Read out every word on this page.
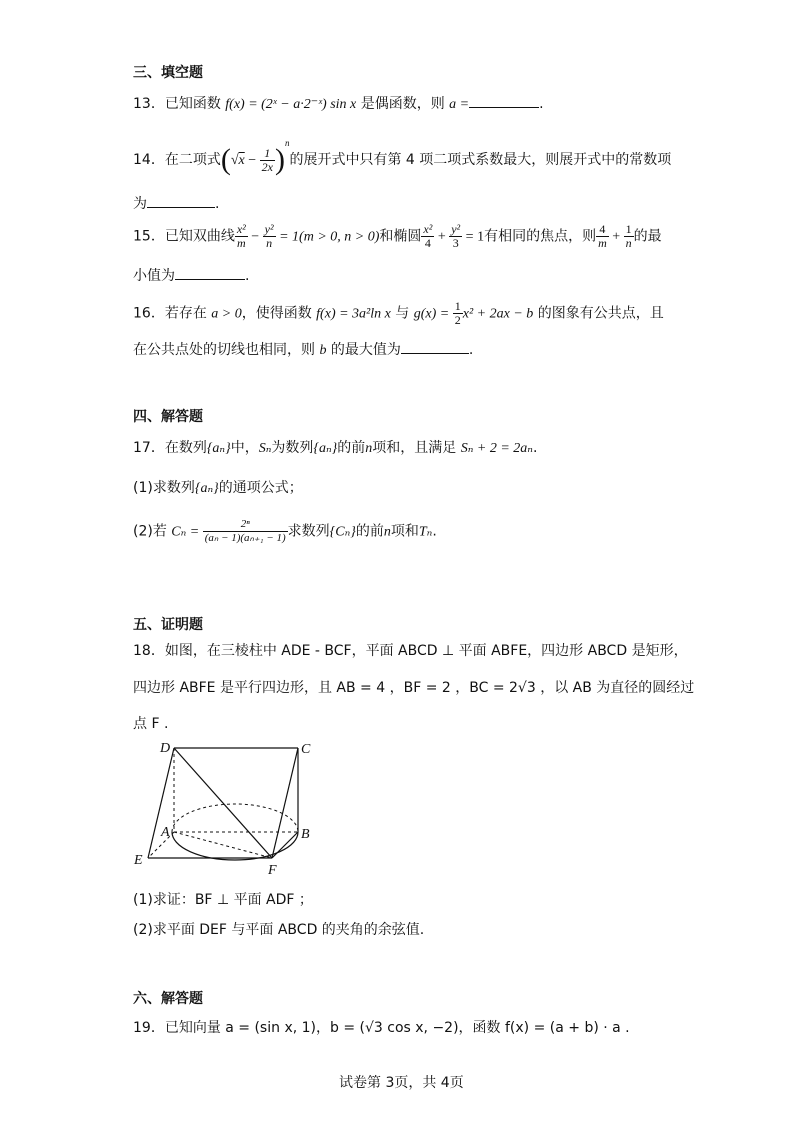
三、填空题
13．已知函数 f(x) = (2ˣ − a·2⁻ˣ) sin x 是偶函数，则 a =	.
14．在二项式$(√x - \frac{1}{2x} )^n$的展开式中只有第 4 项二项式系数最大，则展开式中的常数项
为	.
15．已知双曲线 $\frac{\text{x²}}{m} - \frac{\text{y²}}{n} = 1(m > 0$, n > 0)和椭圆 $\frac{\text{x²}}{4} + \frac{\text{y²}}{3} = 1$有相同的焦点，则 $\frac{4}{m} + \frac{1}{n}$ 的最
小值为	.
16．若存在 a > 0，使得函数 f(x) = 3a²ln x 与 $g(x) = \frac{1}{2} x^2 + 2ax - b$ 的图象有公共点，且
在公共点处的切线也相同，则 b 的最大值为	.
四、解答题
17．在数列{aₙ}中，Sₙ为数列{aₙ}的前n项和，且满足 Sₙ + 2 = 2aₙ.
(1)求数列{aₙ}的通项公式；
(2)若 $C_n = \frac{\text{2ⁿ}}{\text{(aₙ − 1)(aₙ₊₁ − 1)}}$ 求数列{Cₙ}的前n项和Tₙ.
五、证明题
18．如图，在三棱柱中 ADE - BCF，平面 ABCD ⊥ 平面 ABFE，四边形 ABCD 是矩形，
四边形 ABFE 是平行四边形，且 AB = 4 ，BF = 2 ，BC = 2√3 ，以 AB 为直径的圆经过
点 F .
D	C
A	B
E
F
(1)求证：BF ⊥ 平面 ADF ；
(2)求平面 DEF 与平面 ABCD 的夹角的余弦值.
六、解答题
19．已知向量 a = (sin x, 1)，b = (√3 cos x, −2)，函数 f(x) = (a + b) · a .
试卷第 3页，共 4页
